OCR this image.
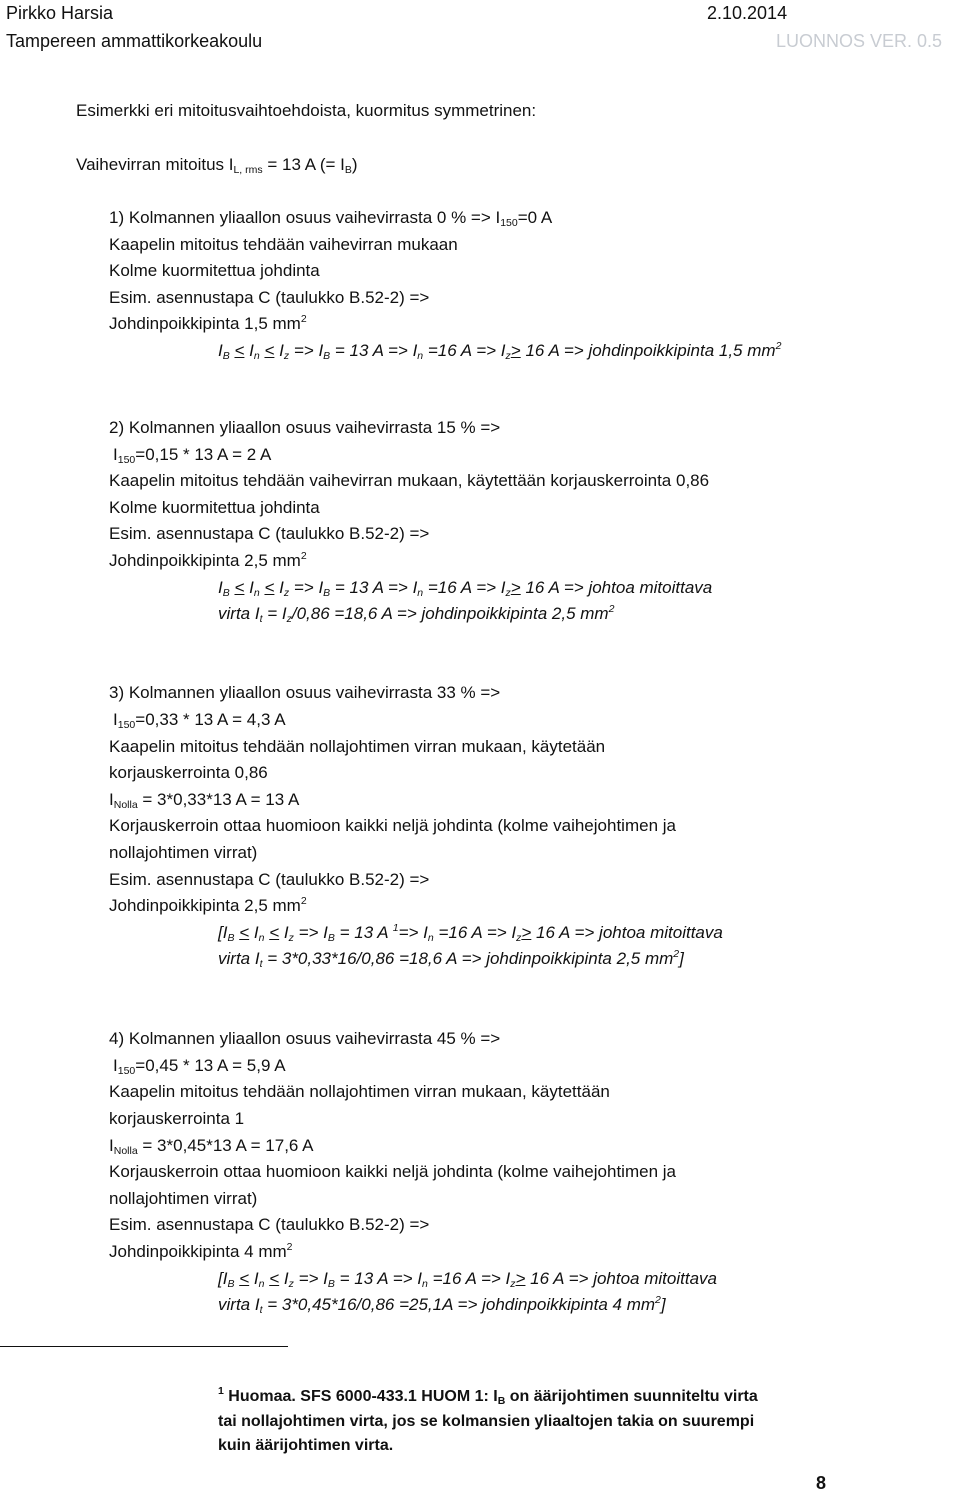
Pirkko Harsia	2.10.2014
Tampereen ammattikorkeakoulu	LUONNOS VER. 0.5
Esimerkki eri mitoitusvaihtoehdoista, kuormitus symmetrinen:
Vaihevirran mitoitus $I_{L, rms} = 13$ A (= $I_B$)
1) Kolmannen yliaallon osuus vaihevirrasta 0 % => $I_{150}=0$ A
Kaapelin mitoitus tehdään vaihevirran mukaan
Kolme kuormitettua johdinta
Esim. asennustapa C (taulukko B.52-2) =>
Johdinpoikkipinta 1,5 $mm^2$
$I_B < I_n < I_z => I_B = 13$ $A => I_n =16$ $A => I_z> 16$ A => johdinpoikkipinta 1,5 $mm^2$
2) Kolmannen yliaallon osuus vaihevirrasta 15 % =>
$I_{150}=0,15 * 13$ A = 2 A
Kaapelin mitoitus tehdään vaihevirran mukaan, käytettään korjauskerrointa 0,86
Kolme kuormitettua johdinta
Esim. asennustapa C (taulukko B.52-2) =>
Johdinpoikkipinta 2,5 $mm^2$
$I_B < I_n < I_z => I_B = 13$ $A => I_n =16$ $A => I_z> 16$ A => johtoa mitoittava
virta $I_t = I_z/0,86 =18,6$ A => johdinpoikkipinta 2,5 $mm^2$
3) Kolmannen yliaallon osuus vaihevirrasta 33 % =>
$I_{150}=0,33 * 13$ A = 4,3 A
Kaapelin mitoitus tehdään nollajohtimen virran mukaan, käytetään
korjauskerrointa 0,86
$I_{Nolla} = 3*0,33*13$ A = 13 A
Korjauskerroin ottaa huomioon kaikki neljä johdinta (kolme vaihejohtimen ja
nollajohtimen virrat)
Esim. asennustapa C (taulukko B.52-2) =>
Johdinpoikkipinta 2,5 $mm^2$
[$I_B < I_n < I_z => I_B = 13$ A $^1=> I_n =16$ $A => I_z> 16$ A => johtoa mitoittava
virta $I_t = 3*0,33*16/0,86 =18,6$ A => johdinpoikkipinta 2,5 $mm^2$]
4) Kolmannen yliaallon osuus vaihevirrasta 45 % =>
$I_{150}=0,45 * 13$ A = 5,9 A
Kaapelin mitoitus tehdään nollajohtimen virran mukaan, käytettään
korjauskerrointa 1
$I_{Nolla} = 3*0,45*13$ A = 17,6 A
Korjauskerroin ottaa huomioon kaikki neljä johdinta (kolme vaihejohtimen ja
nollajohtimen virrat)
Esim. asennustapa C (taulukko B.52-2) =>
Johdinpoikkipinta 4 $mm^2$
[$I_B < I_n < I_z => I_B = 13$ $A => I_n =16$ $A => I_z> 16$ A => johtoa mitoittava
virta $I_t = 3*0,45*16/0,86 =25,1A$ => johdinpoikkipinta 4 $mm^2$]
$^1$ Huomaa. SFS 6000-433.1 HUOM 1: $I_B$ on äärijohtimen suunniteltu virta
tai nollajohtimen virta, jos se kolmansien yliaaltojen takia on suurempi
kuin äärijohtimen virta.
8
